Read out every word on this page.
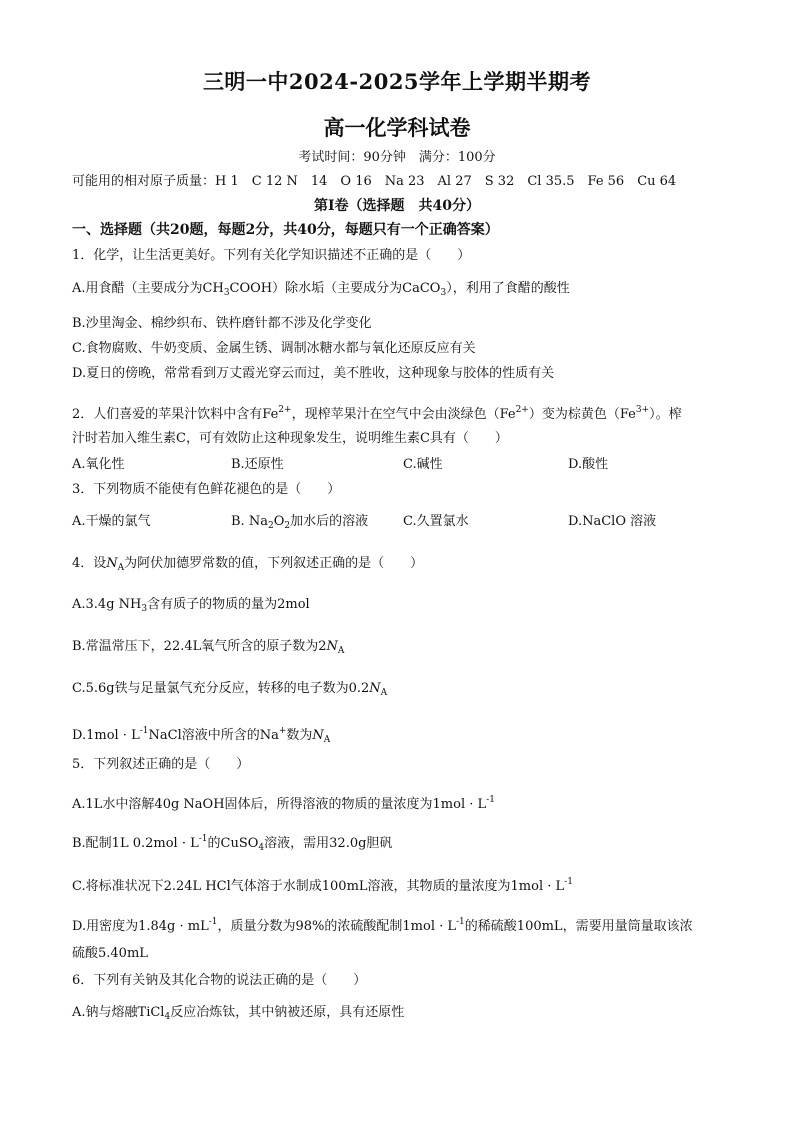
三明一中2024-2025学年上学期半期考
高一化学科试卷
考试时间：90分钟　满分：100分
可能用的相对原子质量：H 1　C 12 N　14　O 16　Na 23　Al 27　S 32　Cl 35.5　Fe 56　Cu 64
第Ⅰ卷（选择题　共40分）
一、选择题（共20题，每题2分，共40分，每题只有一个正确答案）
1．化学，让生活更美好。下列有关化学知识描述不正确的是（　　）
A.用食醋（主要成分为$CH_3COOH$）除水垢（主要成分为CaCO$_3$），利用了食醋的酸性
B.沙里淘金、棉纱织布、铁杵磨针都不涉及化学变化
C.食物腐败、牛奶变质、金属生锈、调制冰糖水都与氧化还原反应有关
D.夏日的傍晚，常常看到万丈霞光穿云而过，美不胜收，这种现象与胶体的性质有关
2．人们喜爱的苹果汁饮料中含有$Fe^{2+}$，现榨苹果汁在空气中会由淡绿色$(Fe^{2+})$变为棕黄色$(Fe^{3+})$。榨
汁时若加入维生素C，可有效防止这种现象发生，说明维生素C具有（　　）
A.氧化性	B.还原性	C.碱性	D.酸性
3．下列物质不能使有色鲜花褪色的是（　　）
A.干燥的氯气	B. $Na_2O_2$加水后的溶液	C.久置氯水	D.NaClO 溶液
4．设$N_A$为阿伏加德罗常数的值，下列叙述正确的是（　　）
A.3.4g $NH_3$含有质子的物质的量为2mol
B.常温常压下，22.4L氧气所含的原子数为$2N_A$
C.5.6g铁与足量氯气充分反应，转移的电子数为$0.2N_A$
$D.1mol \cdot L^{-1}NaCl$溶液中所含的Na+数为$N_A$
5．下列叙述正确的是（　　）
A.1L水中溶解40g NaOH固体后，所得溶液的物质的量浓度为$1mol \cdot L^{-1}$
B.配制1L $0.2mol \cdot L^{-1}$的CuSO$_4$溶液，需用32.0g胆矾
C.将标准状况下2.24L HCl气体溶于水制成100mL溶液，其物质的量浓度为$1mol \cdot L^{-1}$
D.用密度为$1.84g \cdot mL^{-1}$，质量分数为98%的浓硫酸配制$1mol \cdot L^{-1}$的稀硫酸100mL，需要用量筒量取该浓
硫酸5.40mL
6．下列有关钠及其化合物的说法正确的是（　　）
A.钠与熔融TiCl$_4$反应冶炼钛，其中钠被还原，具有还原性
